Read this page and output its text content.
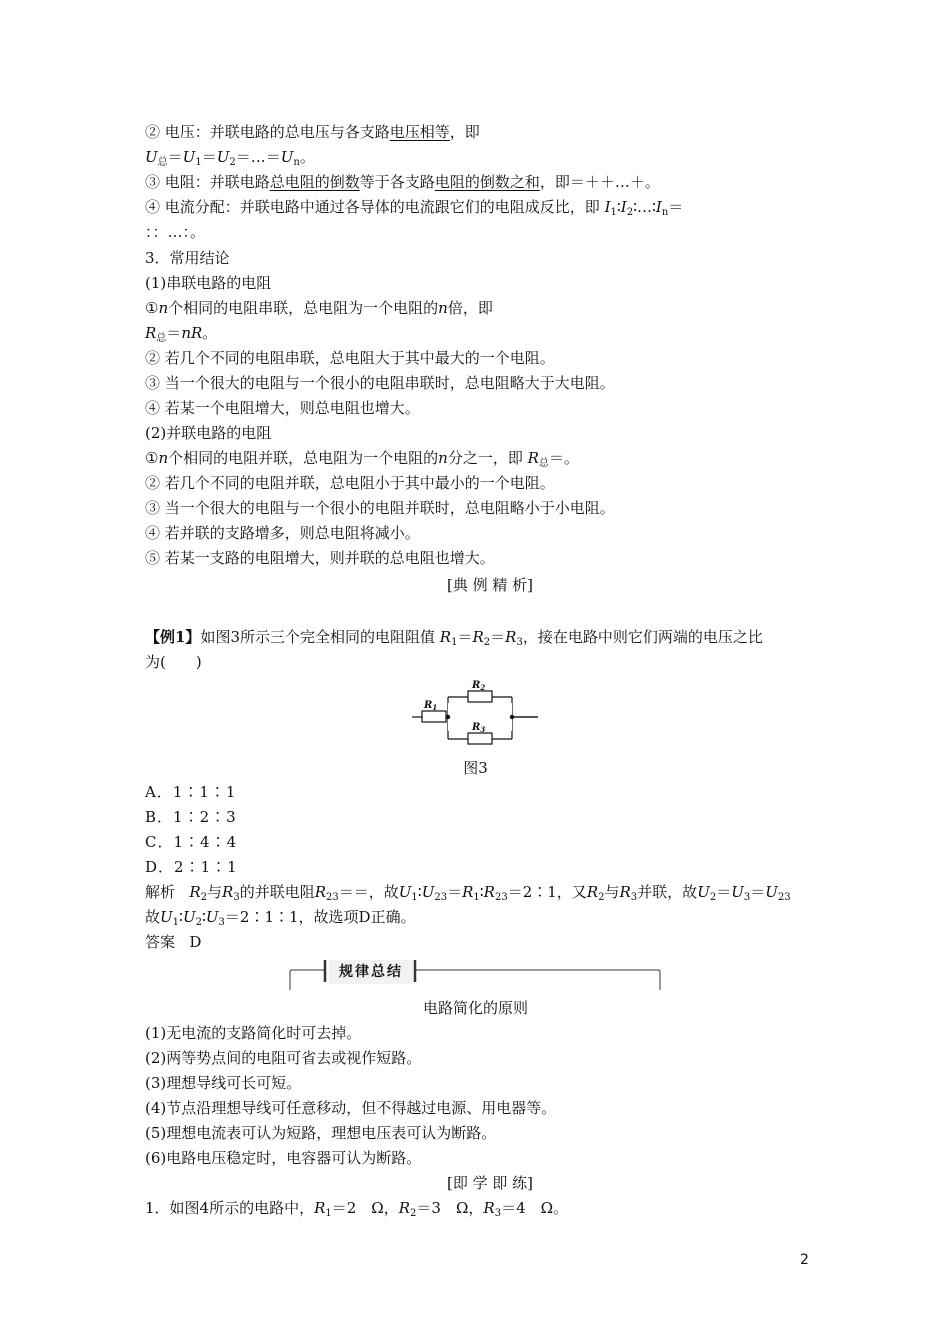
② 电压：并联电路的总电压与各支路电压相等，即
$U_总=U_1=U_2=\dots=U_n$。
③ 电阻：并联电路总电阻的倒数等于各支路电阻的倒数之和，即＝＋＋…＋。
④ 电流分配：并联电路中通过各导体的电流跟它们的电阻成反比，即 $I_1∶I_2∶\dots∶I_n=$
：：…：。
3．常用结论
(1)串联电路的电阻
①n个相同的电阻串联，总电阻为一个电阻的n倍，即
$R_总=nR$。
② 若几个不同的电阻串联，总电阻大于其中最大的一个电阻。
③ 当一个很大的电阻与一个很小的电阻串联时，总电阻略大于大电阻。
④ 若某一个电阻增大，则总电阻也增大。
(2)并联电路的电阻
①n个相同的电阻并联，总电阻为一个电阻的n分之一，即 $R_总=$。
② 若几个不同的电阻并联，总电阻小于其中最小的一个电阻。
③ 当一个很大的电阻与一个很小的电阻并联时，总电阻略小于小电阻。
④ 若并联的支路增多，则总电阻将减小。
⑤ 若某一支路的电阻增大，则并联的总电阻也增大。
[典 例 精 析]
【例1】如图3所示三个完全相同的电阻阻值 $R_1=R_2=R_3$，接在电路中则它们两端的电压之比
为(　　)
$R_1$
$R_2$
$R_3$
图3
A．1∶1∶1
B．1∶2∶3
C．1∶4∶4
D．2∶1∶1
解析 $R_2$与$R_3$的并联电阻$R_{23}==$，故$U_1∶U_{23}=R_1∶R_{23}=2∶1$，又$R_2$与$R_3$并联，故$U_2=U_3=U_{23}$
故$U_1∶U_2∶U_3=2∶1∶1$，故选项D正确。
答案 D
规律总结
电路简化的原则
(1)无电流的支路简化时可去掉。
(2)两等势点间的电阻可省去或视作短路。
(3)理想导线可长可短。
(4)节点沿理想导线可任意移动，但不得越过电源、用电器等。
(5)理想电流表可认为短路，理想电压表可认为断路。
(6)电路电压稳定时，电容器可认为断路。
[即 学 即 练]
1．如图4所示的电路中，$R_1=2$　Ω，$R_2=3$　Ω，$R_3=4$　Ω。
2
